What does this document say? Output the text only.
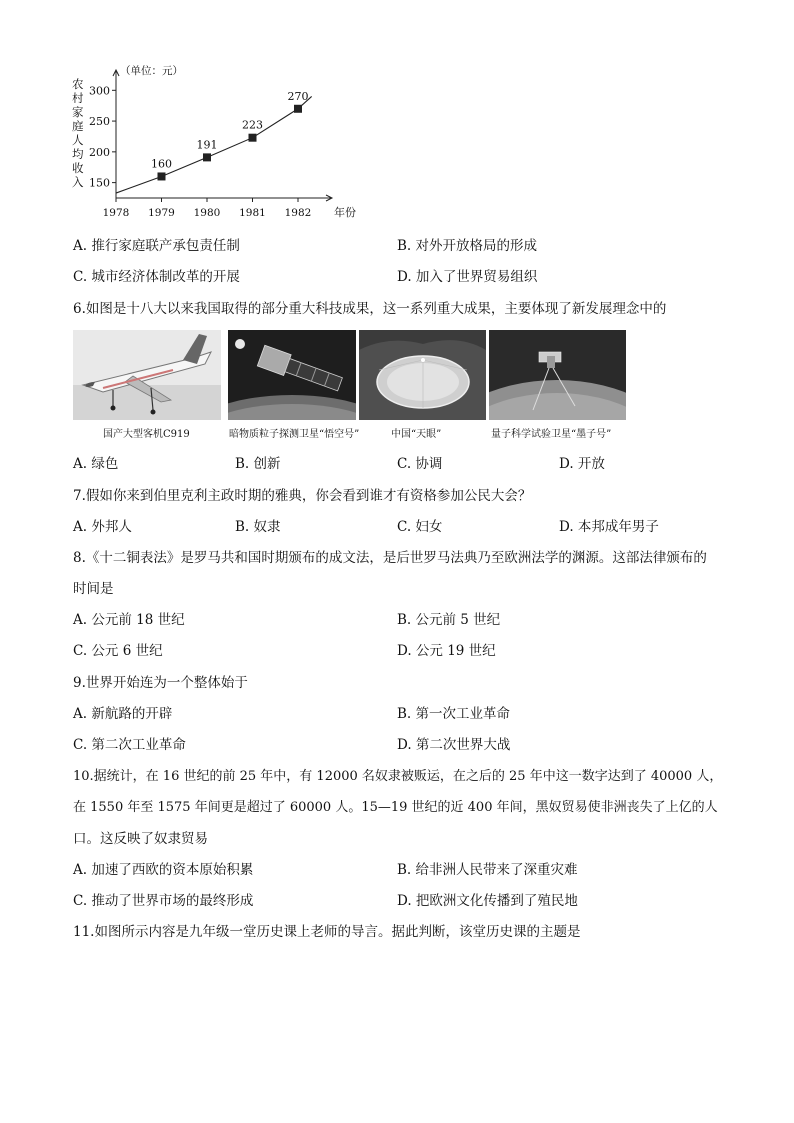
（单位：元）
农
村
家
庭
人
均
收
入 150
200
250
300
1978 1979 1980 1981 1982 年份
160
191
223
270
A. 推行家庭联产承包责任制	B. 对外开放格局的形成
C. 城市经济体制改革的开展	D. 加入了世界贸易组织
6.如图是十八大以来我国取得的部分重大科技成果，这一系列重大成果，主要体现了新发展理念中的
国产大型客机C919	暗物质粒子探测卫星“悟空号”	中国“天眼”	量子科学试验卫星“墨子号”
A. 绿色	B. 创新	C. 协调	D. 开放
7.假如你来到伯里克利主政时期的雅典，你会看到谁才有资格参加公民大会？
A. 外邦人	B. 奴隶	C. 妇女	D. 本邦成年男子
8.《十二铜表法》是罗马共和国时期颁布的成文法，是后世罗马法典乃至欧洲法学的渊源。这部法律颁布的
时间是
A. 公元前 18 世纪	B. 公元前 5 世纪
C. 公元 6 世纪	D. 公元 19 世纪
9.世界开始连为一个整体始于
A. 新航路的开辟	B. 第一次工业革命
C. 第二次工业革命	D. 第二次世界大战
10.据统计，在 16 世纪的前 25 年中，有 12000 名奴隶被贩运，在之后的 25 年中这一数字达到了 40000 人，
在 1550 年至 1575 年间更是超过了 60000 人。15—19 世纪的近 400 年间，黑奴贸易使非洲丧失了上亿的人
口。这反映了奴隶贸易
A. 加速了西欧的资本原始积累	B. 给非洲人民带来了深重灾难
C. 推动了世界市场的最终形成	D. 把欧洲文化传播到了殖民地
11.如图所示内容是九年级一堂历史课上老师的导言。据此判断，该堂历史课的主题是
